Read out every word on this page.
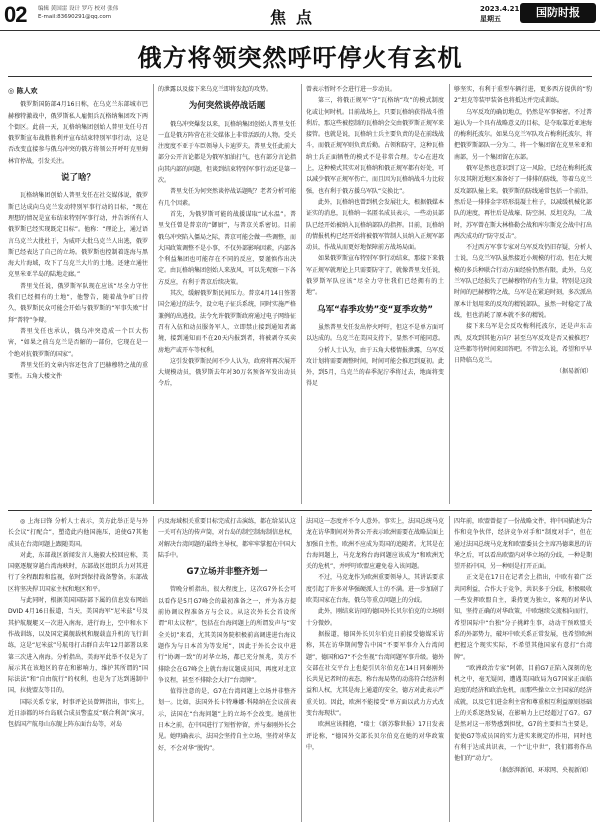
02 编辑 黄国雷 设计 罗巧 校对 张伟
E-mail:83690291@qq.com	焦点	2023.4.21
星期五	国防时报
俄方将领突然呼吁停火有玄机
◎ 陈人欢

俄罗斯国防部4月16日称，在乌克兰东部城市巴赫穆特激战中，俄罗斯私人雇佣兵瓦格纳集团攻下两个街区。此前一天，瓦格纳集团创始人普里戈任号召俄罗斯宣布战胜胜利并宣布结束特别军事行动，这是否改变直接参与俄乌冲突的俄方将领公开呼吁克里姆林宫停战，引发关注。

说了啥？

瓦格纳集团创始人普里戈任在社交媒体说，俄罗斯已达成向乌克兰发动特别军事行动的目标，“现在理想的情况是宣布结束特别军事行动，并告诉所有人俄罗斯已经实现既定目标”。他称：“理论上，通过语言乌克兰大批杜于，为威吓大批乌克兰人出逃，俄罗斯已经表达了自己的立场。俄罗斯也控制着连海与黑海大片海域，攻下了乌克兰大片的土地。还建立通往克里米亚半岛的陆地走廊。”

普里戈任说，俄罗斯军队现在应该“尽全力守住我们已经拥有的土地”，他警告，随着战争旷日持久，俄罗斯民众可能会开始与俄罗斯的“军事失败”甘拜“普特”争辩。

普里戈任也承认，俄乌冲突造成一个巨大伤害，“如果之前乌克兰是否解的一部份，它现在是一个绝对抗俄罗斯的国家”。

普里戈任的文章内容还包含了巴赫穆特之战的重要性。五角大楼文件

的泄露以及接下来乌克兰即将发起的攻势。

为何突然谈停战话题

俄乌冲突爆发以来，瓦格纳集团创始人普里戈任一直是俄方阵营在社交媒体上非常活跃的人物。受关注度度不亚于车臣领导人卡迪罗夫。普里戈任此前大部分公开言论都是为俄军加油打气，也有部分言论指向其内部的问题，但谈到结束特别军事行动还是第一次。

普里戈任为何突然谈停战话题呢？老者分析可能有几个因素。

首先，为俄罗斯可能的战援谋取“试水温”。普里戈任曾是普京的“御厨”，与普京关系密切。目前俄乌冲突陷入僵局之际，普京可能会做一些调整，而大国政策调整不是小事，不仅外部影响因素，内部各个利益集团也可能存在不同的反应，要谨慎作出决定。由瓦格纳集团创始人来放风，可以先观察一下各方反应，有利于普京后续决策。

其次，缓解俄罗斯民间压力。普京4月14日签署国会通过的法令，设立电子征兵系统，同时实施严格兼例的出逃投。法令允许俄罗斯政府通过电子网络征召有入伍和动员服务军人，立即禁止接到通知者离境，接到通知而不在20天内报到者，将被剥夺买卖房地产或开车等权利。

这引发俄罗斯民间不少人认为，政府将再次展开大规模动员，俄罗斯去年对30万名预备军发出动员令后，

曾表示暂时不会进行进一步动员。

第三，将俄正规军“守”瓦格纳“攻”的模式制度化或让何时机。目前战场上，只要瓦格纳获得战斗胜利后，那这些被控制的瓦格纳会交由俄罗斯正规军来接管。也就是说，瓦格纳士兵主要负责的是在前线战斗，而俄正规军则负责后勤。占领和防守，这种瓦格纳士兵正面牺牲的模式不是非常合理。专心在进攻上，这种模式其实对瓦格纳和俄正规军都有好处，可以减少俄军正规军伤亡，而且因为瓦格纳战斗力比较强，也有利于俄方援乌军队“交换比”。

此外，瓦格纳也曾到机会发展壮大，根据俄媒本证实的消息，瓦格纳一名匿名成员表示，一些动员部队已经开始被纳入瓦格纳部队的指挥。目前，瓦格纳的情报机构已经开始将被俄军管制人员纳入正规军部动员，作战从而更好地保障前方战场局面。

如果俄罗斯宣布特别军事行动结束，那接下来俄军正规军就理论上只需要防守了，就像普里戈任说，俄罗斯军队应该“尽全力守住我们已经拥有的土地”。

乌军“春季攻势”变“夏季攻势”

虽然普里戈任发出停火呼吁，但这不是单方面可以达成的。乌克兰在美国支持下，显然不可能同意。

分析人士认为，由于五角大楼情报泄露，乌军反攻计划将需要调整时间，时间可能会推迟到夏初。此外，到5月，乌克兰的春季泥泞季将过去，地面将变得足

够坚实，有利于重型车辆行进，更多西方提供的“豹2”坦克等装甲装备也将抵达并完成训练。

乌军反攻的确切地点，仍然是军事秘密。不过普遍认为一个具有战略意义的目标，是夺取靠近亚速海的梅利托波尔。如果乌克兰军队攻占梅利托波尔，将把俄罗斯部队一分为二，将一个集团留在克里米亚和南部，另一个集团留在东部。

俄军是然也意识到了这一风险，已经在梅利托波尔及其附近地区准备好了一排排的防线，等着乌克兰反攻部队撞上来。俄罗斯的防线通常包括一个前沿，然后是一排排金字塔形混凝土柱子，以减缓机械化部队的速度，再往后是战壕、防空洞、反坦克沟，二战时，苏军曾在斯大林格勒会战和库尔斯克会战中打出两次成功的“防守反击”。

不过西方军事专家对乌军反攻仍旧存疑，分析人士说，乌克兰军队虽然接近小规模的行动，但在大规模的多兵种联合行动方面经验仍然有限，此外，乌克兰军队已经损失了巴赫穆特的有生力量，特别是这段时间的巴赫穆特之战，乌军是在紧迫时刻，多次派出原本计划用来的反攻的精锐部队，虽然一时稳定了战线，但也消耗了原本就不多的精锐。

接下来乌军是会反攻梅利托波尔，还是声东击西，反攻到其他方向？甚至乌军反攻是否又被推迟？这些都等待时间来回答吧。不管怎么说，希望和平早日降临乌克兰。

（据易新闻）

◎ 上海曰锋 分析人士表示，美方此举正是与外长会议“打配合”，塑造此内他国施压，迫使G7其他成员在台湾问题上跟随美国。

对此，东部战区新闻发言人施毅大校回应称，美国驱逐舰穿越台湾海峡时，东部战区组织兵力对其进行了全程跟踪和监视，依时到保持战备警备。东部战区将坚决捍卫国家主权和地区和平。

与此同时，根据美国国防部下属的信息发布网站DVID 4月16日报道，当天，美国海军“尼米兹”号及其护航舰艇又一次进入南海，进行海上，空中和水下作战训练，以及国定翼舰载机和舰载直升机的飞行训练，这是“尼米兹”号航母打击群自去年12月部署以来第三次进入南海。分析指出，美海军此举不仅是为了展示其在该地区的存在和影响力，维护其所谓的“国际法法”和“自由航行”的权利，也是为了达到遏制中国，拉拢盟友等目的。

国际关系专家，时事评论员曾辉指出，事实上，近日添都的坏台岛联合成员警监反“联合利剑”演习，包括国产航母山东舰上阵东面台岛等，对岛

内及海域相关重要目标完成打击演练，都在给某认这一关可有达的传声筒，对台岛的制空制海制信息权，对解决台湾问题的最终主导权，都牢牢掌握在中国大陆手中。

G7立场并非整齐划一

管晚分析指出，很大程度上，这次G7外长会可以看作是5月G7峰会的最初准备之一，并为各方提前协调议程准备方与会议。从这次外长会首设所谓“印太议程”，包括在台海问题上的所谓发声与“安全关切”来看，尤其美国务院积极前高调进进台海议题作为与日本首为等发尾”，因此于外长会议中进行“协调一致”的对华立场，都已充分预兆，美方不排除会在G7峰会上就台海议题成员国，再度对北京争议程，甚至不排除会大打“台湾牌”。

值得注意的是，G7在台湾问题上立场并非整齐划一。比如，法国外长卡特琳娜·科隆纳在会议前表示，法国在“台海问题”上的立场不会改变。她前往日本之前，在中国进行了短暂停留，并与秦刚外长会见。她明确表示，法国会坚持自主立场，坚持对华友好，不会对华“脱钩”。

法国这一态度并不令人意外。事实上，法国总统马克龙在访华期间对外普公开表示欧洲需要在战略层面上加强自主性，欧洲不应成为美国的追随者。尤其是在台海问题上，马克龙称台海问题应该成为“和欧洲无关的危机”，并呼吁欧盟应避免卷入该问题。

不过，马克龙作为欧洲重要领导人，其讲话要求度引起了许多对华强硬派人士的不满。进一步加剧了欧美国家在台海，俄乌等重点问题上的分歧。

此外，刚结束访问的德国外长贝尔伯克的立场则十分微妙。

据报道，德国外长贝尔伯克日前接受德媒采访称，其在访华期间警告中国“不要军事介入台湾问题”，德国和G7“不会坐视”台湾问题军事升级。德外交部在社交平台上也提引贝尔伯克在14日同秦刚外长共见记者时的表态，称台海局势的动荡符合经济利益和人权，尤其是海上通道的安全，德方对此表示严重关切。因此，欧洲不能接受“单方面以武力方式改变台海现状”。

欧洲应该拥抱，“瑞士《新苏黎世报》17日发表评论称，“德国外交部长贝尔伯克在她的对华政策中，

四年前，欧盟曾提了一份战略文件，将中国描述为合作和竞争伙伴，经济竞争对手和“制度对手”，但在通过法国总统马克龙和欧盟委员会主席冯德莱恩的访华之后，可以看出欧盟内对华立场的分歧，一种是期望开拓中国，另一种则是打开正面。

正文是在17日在记者会上指出，中欧有着广泛共同利益，合作大于竞争，共识多于分歧，积极吸收一些发挥欧盟自主，秉持更为独立，客观的对华认知，坚持正确的对华政策，中欧继续交流相向而行，希望国际中“台独”分子挑衅生事，动动干预欧盟关系的外部势力，破坏中欧关系正常发展，也希望欧洲把握这个现实实际，不希望其他国家有意打“台湾牌”。

“欧洲政治专家”阿韩，目前G7正陷入深刻的危机之中，毫无疑问，遭遇美国政局为G7国家正面临迫度的经济和政治危机，而那些操立立主国家的经济成就，以及它们进金利主营和尊重相互利益原则基础上的关系迷劲发展，在影响力上已经超过了G7。G7是然对这一形势感到担忧，G7的主要担当主要是，促使G7等成员国的实力进实来规定的作用，同时也有利于达成共识表，一个“让中世”，我们都将作出他们的“动力”。

（据澎湃新闻、环球网、央视新闻）
